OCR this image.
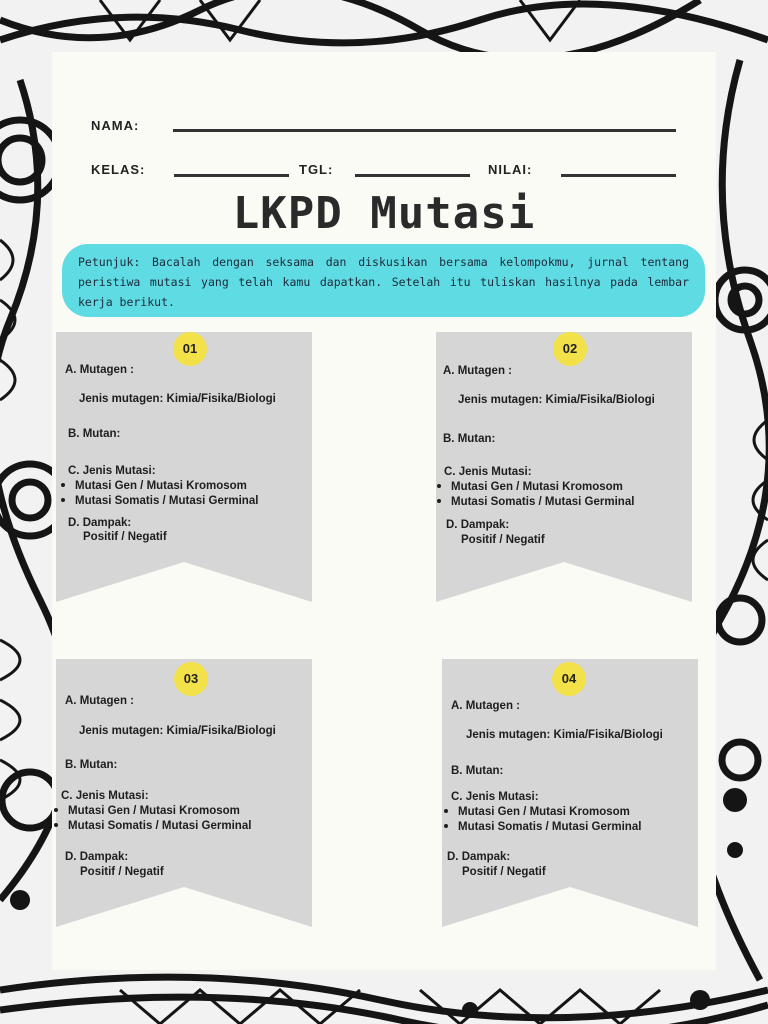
NAMA:
KELAS:	TGL:	NILAI:
LKPD Mutasi
Petunjuk: Bacalah dengan seksama dan diskusikan bersama kelompokmu, jurnal tentang peristiwa mutasi yang telah kamu dapatkan. Setelah itu tuliskan hasilnya pada lembar kerja berikut.
01
A. Mutagen :
Jenis mutagen: Kimia/Fisika/Biologi
B. Mutan:
C. Jenis Mutasi:
Mutasi Gen / Mutasi Kromosom
Mutasi Somatis / Mutasi Germinal
D. Dampak:
Positif / Negatif
02
A. Mutagen :
Jenis mutagen: Kimia/Fisika/Biologi
B. Mutan:
C. Jenis Mutasi:
Mutasi Gen / Mutasi Kromosom
Mutasi Somatis / Mutasi Germinal
D. Dampak:
Positif / Negatif
03
A. Mutagen :
Jenis mutagen: Kimia/Fisika/Biologi
B. Mutan:
C. Jenis Mutasi:
Mutasi Gen / Mutasi Kromosom
Mutasi Somatis / Mutasi Germinal
D. Dampak:
Positif / Negatif
04
A. Mutagen :
Jenis mutagen: Kimia/Fisika/Biologi
B. Mutan:
C. Jenis Mutasi:
Mutasi Gen / Mutasi Kromosom
Mutasi Somatis / Mutasi Germinal
D. Dampak:
Positif / Negatif
